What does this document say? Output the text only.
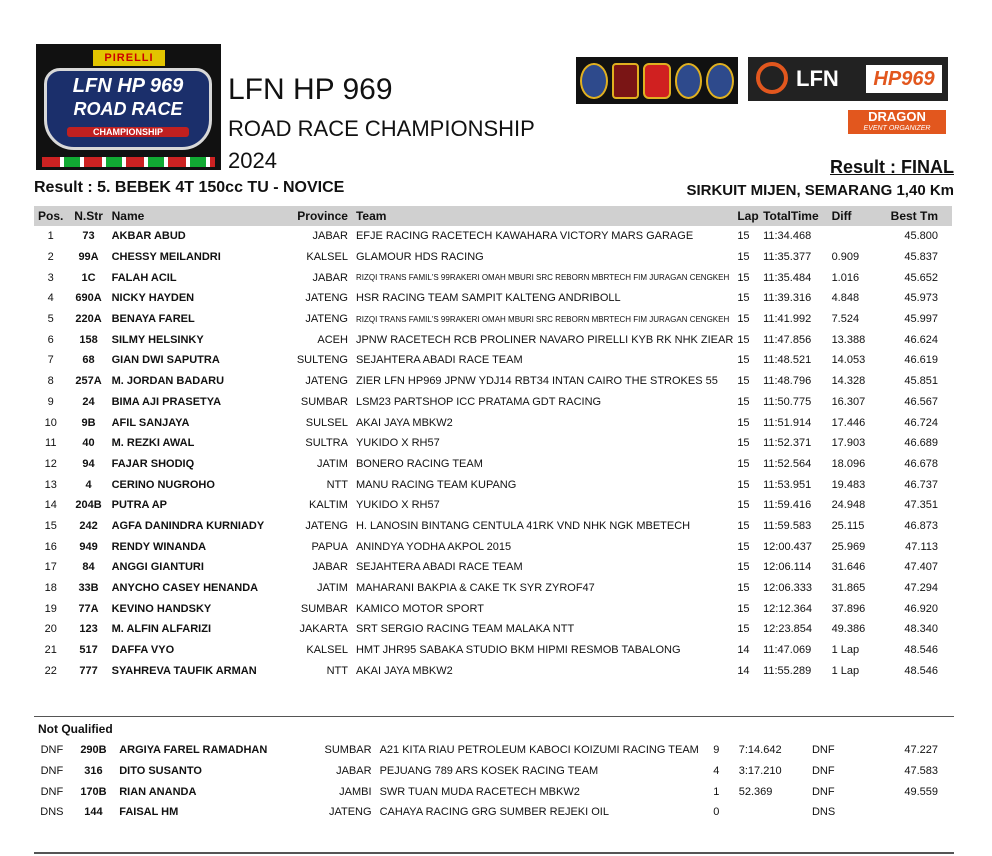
PIRELLI
LFN HP 969
ROAD RACE
CHAMPIONSHIP
LFN HP 969
ROAD RACE CHAMPIONSHIP
2024
LFN	HP969
DRAGON
EVENT ORGANIZER
Result : 5. BEBEK 4T 150cc TU - NOVICE
Result : FINAL
SIRKUIT MIJEN, SEMARANG 1,40 Km
Pos.	N.Str	Name	Province	Team	Lap	TotalTime	Diff	Best Tm
1	73	AKBAR ABUD	JABAR	EFJE RACING RACETECH KAWAHARA VICTORY MARS GARAGE	15	11:34.468		45.800
2	99A	CHESSY MEILANDRI	KALSEL	GLAMOUR HDS RACING	15	11:35.377	0.909	45.837
3	1C	FALAH ACIL	JABAR	RIZQI TRANS FAMIL'S 99RAKERI OMAH MBURI SRC REBORN MBRTECH FIM JURAGAN CENGKEH	15	11:35.484	1.016	45.652
4	690A	NICKY HAYDEN	JATENG	HSR RACING TEAM SAMPIT KALTENG ANDRIBOLL	15	11:39.316	4.848	45.973
5	220A	BENAYA FAREL	JATENG	RIZQI TRANS FAMIL'S 99RAKERI OMAH MBURI SRC REBORN MBRTECH FIM JURAGAN CENGKEH	15	11:41.992	7.524	45.997
6	158	SILMY HELSINKY	ACEH	JPNW RACETECH RCB PROLINER NAVARO PIRELLI KYB RK NHK ZIEAR	15	11:47.856	13.388	46.624
7	68	GIAN DWI SAPUTRA	SULTENG	SEJAHTERA ABADI RACE TEAM	15	11:48.521	14.053	46.619
8	257A	M. JORDAN BADARU	JATENG	ZIER LFN HP969 JPNW YDJ14 RBT34 INTAN CAIRO THE STROKES 55	15	11:48.796	14.328	45.851
9	24	BIMA AJI PRASETYA	SUMBAR	LSM23 PARTSHOP ICC PRATAMA GDT RACING	15	11:50.775	16.307	46.567
10	9B	AFIL SANJAYA	SULSEL	AKAI JAYA MBKW2	15	11:51.914	17.446	46.724
11	40	M. REZKI AWAL	SULTRA	YUKIDO X RH57	15	11:52.371	17.903	46.689
12	94	FAJAR SHODIQ	JATIM	BONERO RACING TEAM	15	11:52.564	18.096	46.678
13	4	CERINO NUGROHO	NTT	MANU RACING TEAM KUPANG	15	11:53.951	19.483	46.737
14	204B	PUTRA AP	KALTIM	YUKIDO X RH57	15	11:59.416	24.948	47.351
15	242	AGFA DANINDRA KURNIADY	JATENG	H. LANOSIN BINTANG CENTULA 41RK VND NHK NGK MBETECH	15	11:59.583	25.115	46.873
16	949	RENDY WINANDA	PAPUA	ANINDYA YODHA AKPOL 2015	15	12:00.437	25.969	47.113
17	84	ANGGI GIANTURI	JABAR	SEJAHTERA ABADI RACE TEAM	15	12:06.114	31.646	47.407
18	33B	ANYCHO CASEY HENANDA	JATIM	MAHARANI BAKPIA & CAKE TK SYR ZYROF47	15	12:06.333	31.865	47.294
19	77A	KEVINO HANDSKY	SUMBAR	KAMICO MOTOR SPORT	15	12:12.364	37.896	46.920
20	123	M. ALFIN ALFARIZI	JAKARTA	SRT SERGIO RACING TEAM MALAKA NTT	15	12:23.854	49.386	48.340
21	517	DAFFA VYO	KALSEL	HMT JHR95 SABAKA STUDIO BKM HIPMI RESMOB TABALONG	14	11:47.069	1 Lap	48.546
22	777	SYAHREVA TAUFIK ARMAN	NTT	AKAI JAYA MBKW2	14	11:55.289	1 Lap	48.546
Not Qualified
DNF	290B	ARGIYA FAREL RAMADHAN	SUMBAR	A21 KITA RIAU PETROLEUM KABOCI KOIZUMI RACING TEAM	9	7:14.642	DNF	47.227
DNF	316	DITO SUSANTO	JABAR	PEJUANG 789 ARS KOSEK RACING TEAM	4	3:17.210	DNF	47.583
DNF	170B	RIAN ANANDA	JAMBI	SWR TUAN MUDA RACETECH MBKW2	1	52.369	DNF	49.559
DNS	144	FAISAL HM	JATENG	CAHAYA RACING GRG SUMBER REJEKI OIL	0		DNS	
